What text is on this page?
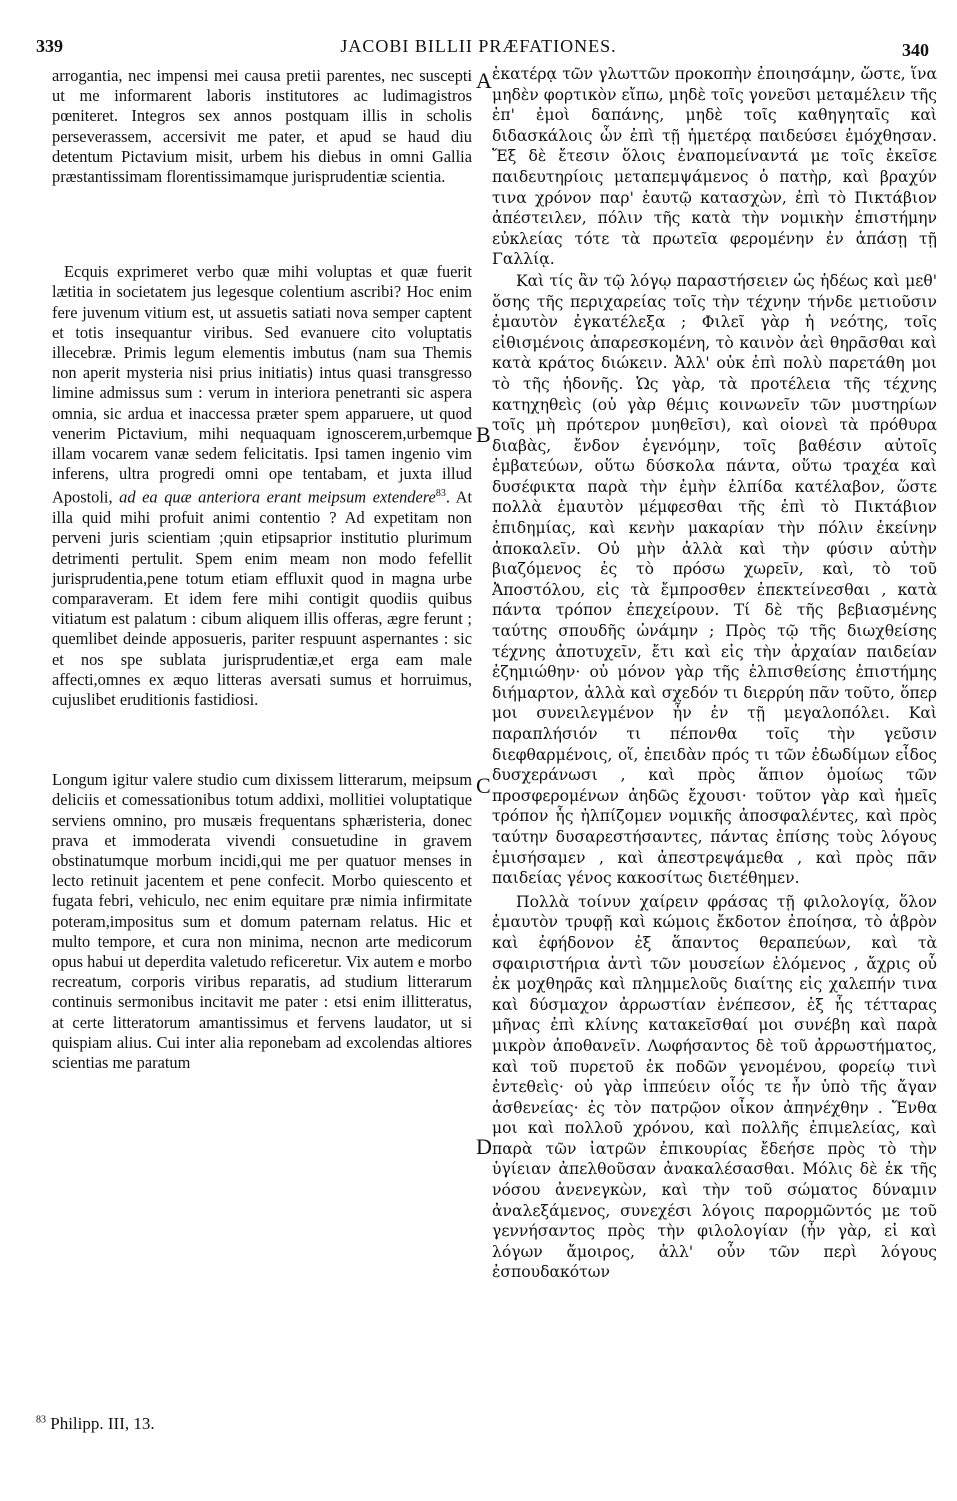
339	JACOBI BILLII PRÆFATIONES.	340

arrogantia, nec impensi mei causa pretii parentes, nec suscepti ut me informarent laboris institutores ac ludimagistros pœniteret. Integros sex annos postquam illis in scholis perseverassem, accersivit me pater, et apud se haud diu detentum Pictavium misit, urbem his diebus in omni Gallia præstantissimam florentissimamque jurisprudentiæ scientia.

Ecquis exprimeret verbo quæ mihi voluptas et quæ fuerit lætitia in societatem jus legesque colentium ascribi? Hoc enim fere juvenum vitium est, ut assuetis satiati nova semper captent et totis insequantur viribus. Sed evanuere cito voluptatis illecebræ. Primis legum elementis imbutus (nam sua Themis non aperit mysteria nisi prius initiatis) intus quasi transgresso limine admissus sum : verum in interiora penetranti sic aspera omnia, sic ardua et inaccessa præter spem apparuere, ut quod venerim Pictavium, mihi nequaquam ignoscerem,urbemque illam vocarem vanæ sedem felicitatis. Ipsi tamen ingenio vim inferens, ultra progredi omni ope tentabam, et juxta illud Apostoli, ad ea quæ anteriora erant meipsum extendere$^{83}$. At illa quid mihi profuit animi contentio ? Ad expetitam non perveni juris scientiam ;quin etipsaprior institutio plurimum detrimenti pertulit. Spem enim meam non modo fefellit jurisprudentia,pene totum etiam effluxit quod in magna urbe comparaveram. Et idem fere mihi contigit quodiis quibus vitiatum est palatum : cibum aliquem illis offeras, ægre ferunt ; quemlibet deinde apposueris, pariter respuunt aspernantes : sic et nos spe sublata jurisprudentiæ,et erga eam male affecti,omnes ex æquo litteras aversati sumus et horruimus, cujuslibet eruditionis fastidiosi.

Longum igitur valere studio cum dixissem litterarum, meipsum deliciis et comessationibus totum addixi, mollitiei voluptatique serviens omnino, pro musæis frequentans sphæristeria, donec prava et immoderata vivendi consuetudine in gravem obstinatumque morbum incidi,qui me per quatuor menses in lecto retinuit jacentem et pene confecit. Morbo quiescento et fugata febri, vehiculo, nec enim equitare præ nimia infirmitate poteram,impositus sum et domum paternam relatus. Hic et multo tempore, et cura non minima, necnon arte medicorum opus habui ut deperdita valetudo reficeretur. Vix autem e morbo recreatum, corporis viribus reparatis, ad studium litterarum continuis sermonibus incitavit me pater : etsi enim illitteratus, at certe litteratorum amantissimus et fervens laudator, ut si quispiam alius. Cui inter alia reponebam ad excolendas altiores scientias me paratum

ἑκατέρᾳ τῶν γλωττῶν προκοπὴν ἐποιησάμην, ὥστε, ἵνα μηδὲν φορτικὸν εἴπω, μηδὲ τοῖς γονεῦσι μεταμέλειν τῆς ἐπ' ἐμοὶ δαπάνης, μηδὲ τοῖς καθηγηταῖς καὶ διδασκάλοις ὧν ἐπὶ τῇ ἡμετέρᾳ παιδεύσει ἐμόχθησαν. Ἔξ δὲ ἔτεσιν ὅλοις ἐναπομείναντά με τοῖς ἐκεῖσε παιδευτηρίοις μεταπεμψάμενος ὁ πατὴρ, καὶ βραχύν τινα χρόνον παρ' ἑαυτῷ κατασχὼν, ἐπὶ τὸ Πικτάβιον ἀπέστειλεν, πόλιν τῆς κατὰ τὴν νομικὴν ἐπιστήμην εὐκλείας τότε τὰ πρωτεῖα φερομένην ἐν ἁπάσῃ τῇ Γαλλίᾳ.

Καὶ τίς ἂν τῷ λόγῳ παραστήσειεν ὡς ἡδέως καὶ μεθ' ὅσης τῆς περιχαρείας τοῖς τὴν τέχνην τήνδε μετιοῦσιν ἐμαυτὸν ἐγκατέλεξα ; Φιλεῖ γὰρ ἡ νεότης, τοῖς εἰθισμένοις ἀπαρεσκομένη, τὸ καινὸν ἀεὶ θηρᾶσθαι καὶ κατὰ κράτος διώκειν. Ἀλλ' οὐκ ἐπὶ πολὺ παρετάθη μοι τὸ τῆς ἡδονῆς. Ὡς γὰρ, τὰ προτέλεια τῆς τέχνης κατηχηθεὶς (οὐ γὰρ θέμις κοινωνεῖν τῶν μυστηρίων τοῖς μὴ πρότερον μυηθεῖσι), καὶ οἱονεὶ τὰ πρόθυρα διαβὰς, ἔνδον ἐγενόμην, τοῖς βαθέσιν αὐτοῖς ἐμβατεύων, οὕτω δύσκολα πάντα, οὕτω τραχέα καὶ δυσέφικτα παρὰ τὴν ἐμὴν ἐλπίδα κατέλαβον, ὥστε πολλὰ ἐμαυτὸν μέμφεσθαι τῆς ἐπὶ τὸ Πικτάβιον ἐπιδημίας, καὶ κενὴν μακαρίαν τὴν πόλιν ἐκείνην ἀποκαλεῖν. Οὐ μὴν ἀλλὰ καὶ τὴν φύσιν αὐτὴν βιαζόμενος ἐς τὸ πρόσω χωρεῖν, καὶ, τὸ τοῦ Ἀποστόλου, εἰς τὰ ἔμπροσθεν ἐπεκτείνεσθαι , κατὰ πάντα τρόπον ἐπεχείρουν. Τί δὲ τῆς βεβιασμένης ταύτης σπουδῆς ὠνάμην ; Πρὸς τῷ τῆς διωχθείσης τέχνης ἀποτυχεῖν, ἔτι καὶ εἰς τὴν ἀρχαίαν παιδείαν ἐζημιώθην· οὐ μόνον γὰρ τῆς ἐλπισθείσης ἐπιστήμης διήμαρτον, ἀλλὰ καὶ σχεδόν τι διερρύη πᾶν τοῦτο, ὅπερ μοι συνειλεγμένον ἦν ἐν τῇ μεγαλοπόλει. Καὶ παραπλήσιόν τι πέπονθα τοῖς τὴν γεῦσιν διεφθαρμένοις, οἵ, ἐπειδὰν πρός τι τῶν ἐδωδίμων εἶδος δυσχεράνωσι , καὶ πρὸς ἅπιον ὁμοίως τῶν προσφερομένων ἀηδῶς ἔχουσι· τοῦτον γὰρ καὶ ἡμεῖς τρόπον ἧς ἠλπίζομεν νομικῆς ἀποσφαλέντες, καὶ πρὸς ταύτην δυσαρεστήσαντες, πάντας ἐπίσης τοὺς λόγους ἐμισήσαμεν , καὶ ἀπεστρεψάμεθα , καὶ πρὸς πᾶν παιδείας γένος κακοσίτως διετέθημεν.

Πολλὰ τοίνυν χαίρειν φράσας τῇ φιλολογίᾳ, ὅλον ἐμαυτὸν τρυφῇ καὶ κώμοις ἔκδοτον ἐποίησα, τὸ ἁβρὸν καὶ ἐφήδονον ἐξ ἅπαντος θεραπεύων, καὶ τὰ σφαιριστήρια ἀντὶ τῶν μουσείων ἑλόμενος , ἄχρις οὗ ἐκ μοχθηρᾶς καὶ πλημμελοῦς διαίτης εἰς χαλεπήν τινα καὶ δύσμαχον ἀρρωστίαν ἐνέπεσον, ἐξ ἧς τέτταρας μῆνας ἐπὶ κλίνης κατακεῖσθαί μοι συνέβη καὶ παρὰ μικρὸν ἀποθανεῖν. Λωφήσαντος δὲ τοῦ ἀρρωστήματος, καὶ τοῦ πυρετοῦ ἐκ ποδῶν γενομένου, φορείῳ τινὶ ἐντεθεὶς· οὐ γὰρ ἱππεύειν οἷός τε ἦν ὑπὸ τῆς ἄγαν ἀσθενείας· ἐς τὸν πατρῷον οἶκον ἀπηνέχθην . Ἔνθα μοι καὶ πολλοῦ χρόνου, καὶ πολλῆς ἐπιμελείας, καὶ παρὰ τῶν ἰατρῶν ἐπικουρίας ἔδεήσε πρὸς τὸ τὴν ὑγίειαν ἀπελθοῦσαν ἀνακαλέσασθαι. Μόλις δὲ ἐκ τῆς νόσου ἀνενεγκὼν, καὶ τὴν τοῦ σώματος δύναμιν ἀναλεξάμενος, συνεχέσι λόγοις παρορμῶντός με τοῦ γεννήσαντος πρὸς τὴν φιλολογίαν (ἦν γὰρ, εἰ καὶ λόγων ἄμοιρος, ἀλλ' οὖν τῶν περὶ λόγους ἐσπουδακότων

A
B
C
D
$^{83}$ Philipp. III, 13.
